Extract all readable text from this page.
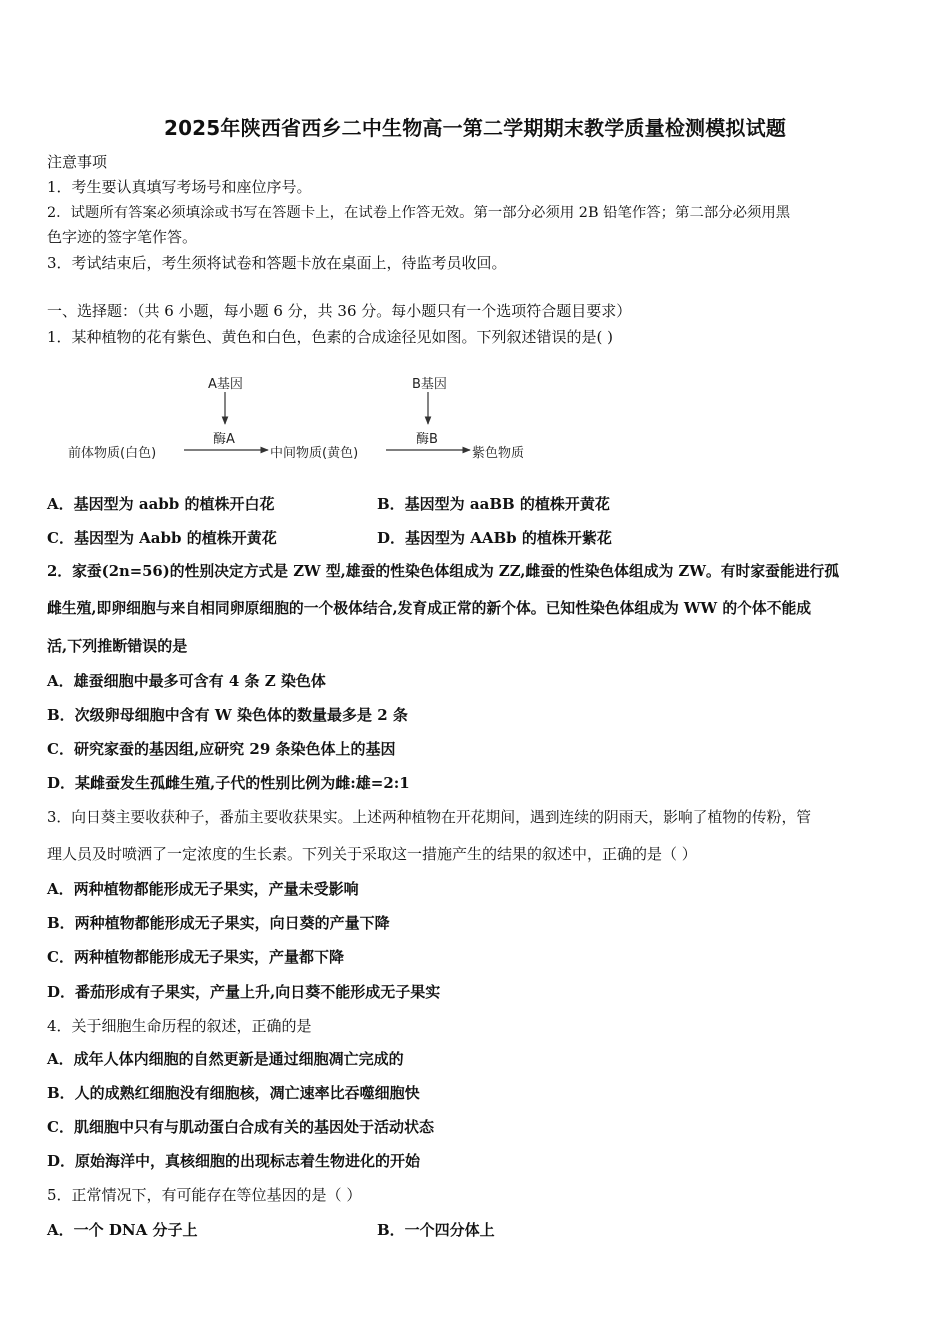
2025年陕西省西乡二中生物高一第二学期期末教学质量检测模拟试题
注意事项
1．考生要认真填写考场号和座位序号。
2．试题所有答案必须填涂或书写在答题卡上，在试卷上作答无效。第一部分必须用 2B 铅笔作答；第二部分必须用黑
色字迹的签字笔作答。
3．考试结束后，考生须将试卷和答题卡放在桌面上，待监考员收回。
一、选择题：（共 6 小题，每小题 6 分，共 36 分。每小题只有一个选项符合题目要求）
1．某种植物的花有紫色、黄色和白色，色素的合成途径见如图。下列叙述错误的是( )
A基因	B基因
酶A	酶B
前体物质(白色)	中间物质(黄色)	紫色物质
A．基因型为 aabb 的植株开白花	B．基因型为 aaBB 的植株开黄花
C．基因型为 Aabb 的植株开黄花	D．基因型为 AABb 的植株开紫花
2．家蚕(2n=56)的性别决定方式是 ZW 型,雄蚕的性染色体组成为 ZZ,雌蚕的性染色体组成为 ZW。有时家蚕能进行孤
雌生殖,即卵细胞与来自相同卵原细胞的一个极体结合,发育成正常的新个体。已知性染色体组成为 WW 的个体不能成
活,下列推断错误的是
A．雄蚕细胞中最多可含有 4 条 Z 染色体
B．次级卵母细胞中含有 W 染色体的数量最多是 2 条
C．研究家蚕的基因组,应研究 29 条染色体上的基因
D．某雌蚕发生孤雌生殖,子代的性别比例为雌:雄=2:1
3．向日葵主要收获种子，番茄主要收获果实。上述两种植物在开花期间，遇到连续的阴雨天，影响了植物的传粉，管
理人员及时喷洒了一定浓度的生长素。下列关于采取这一措施产生的结果的叙述中，正确的是（ ）
A．两种植物都能形成无子果实，产量未受影响
B．两种植物都能形成无子果实，向日葵的产量下降
C．两种植物都能形成无子果实，产量都下降
D．番茄形成有子果实，产量上升,向日葵不能形成无子果实
4．关于细胞生命历程的叙述，正确的是
A．成年人体内细胞的自然更新是通过细胞凋亡完成的
B．人的成熟红细胞没有细胞核，凋亡速率比吞噬细胞快
C．肌细胞中只有与肌动蛋白合成有关的基因处于活动状态
D．原始海洋中，真核细胞的出现标志着生物进化的开始
5．正常情况下，有可能存在等位基因的是（ ）
A．一个 DNA 分子上	B．一个四分体上
